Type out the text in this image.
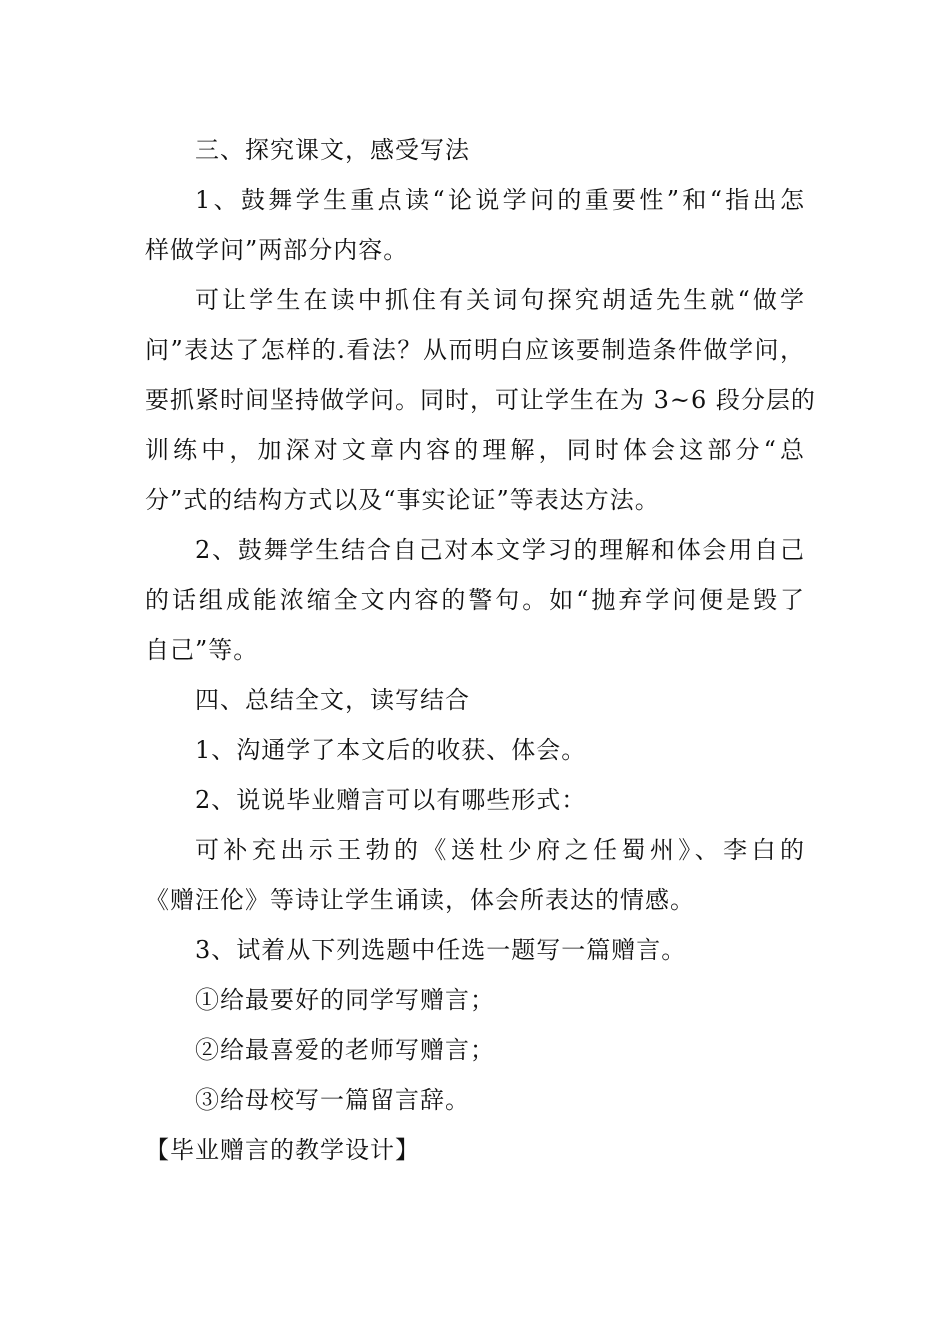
三、探究课文，感受写法
1、鼓舞学生重点读“论说学问的重要性”和“指出怎
样做学问”两部分内容。
可让学生在读中抓住有关词句探究胡适先生就“做学
问”表达了怎样的.看法？从而明白应该要制造条件做学问，
要抓紧时间坚持做学问。同时，可让学生在为 3~6 段分层的
训练中，加深对文章内容的理解，同时体会这部分“总
分”式的结构方式以及“事实论证”等表达方法。
2、鼓舞学生结合自己对本文学习的理解和体会用自己
的话组成能浓缩全文内容的警句。如“抛弃学问便是毁了
自己”等。
四、总结全文，读写结合
1、沟通学了本文后的收获、体会。
2、说说毕业赠言可以有哪些形式：
可补充出示王勃的《送杜少府之任蜀州》、李白的
《赠汪伦》等诗让学生诵读，体会所表达的情感。
3、试着从下列选题中任选一题写一篇赠言。
①给最要好的同学写赠言；
②给最喜爱的老师写赠言；
③给母校写一篇留言辞。
【毕业赠言的教学设计】
